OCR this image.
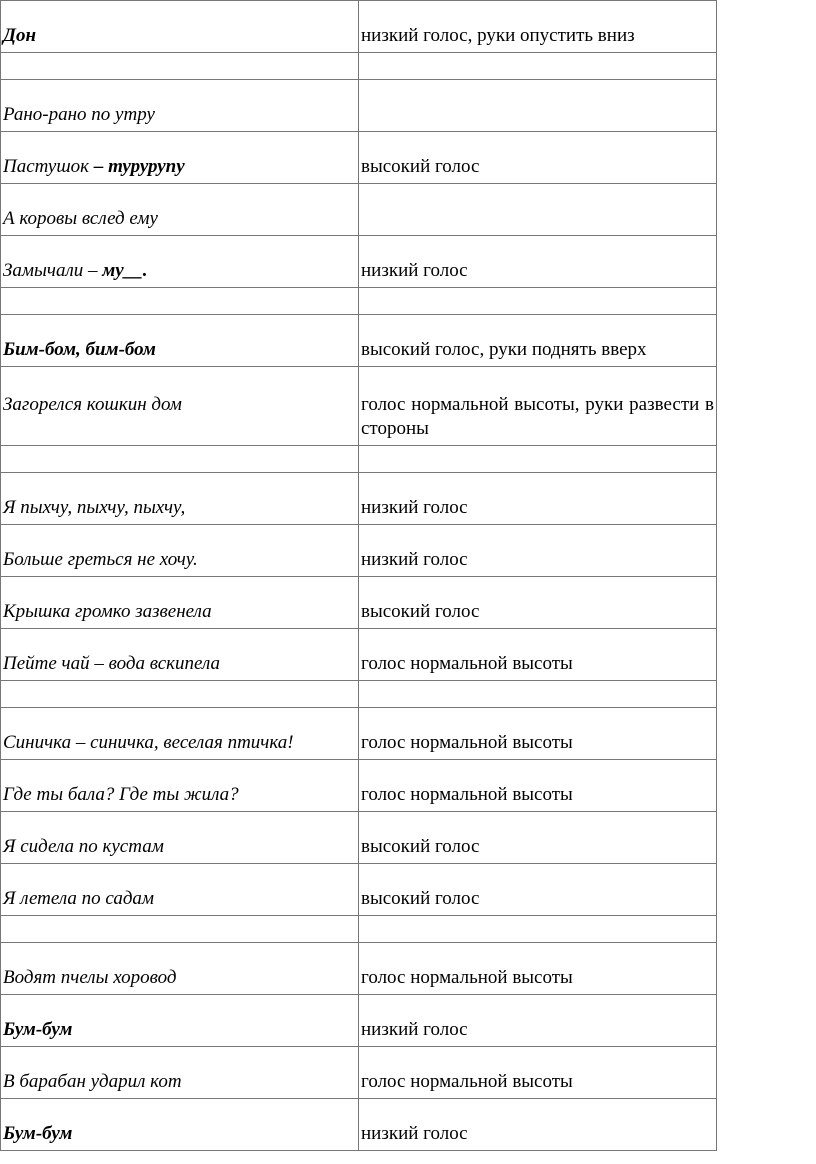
Дон	низкий голос, руки опустить вниз

Рано-рано по утру	
Пастушок – турурупу	высокий голос
А коровы вслед ему	
Замычали – му__.	низкий голос

Бим-бом, бим-бом	высокий голос, руки поднять вверх
Загорелся кошкин дом	голос нормальной высоты, руки развести в стороны

Я пыхчу, пыхчу, пыхчу,	низкий голос
Больше греться не хочу.	низкий голос
Крышка громко зазвенела	высокий голос
Пейте чай – вода вскипела	голос нормальной высоты

Синичка – синичка, веселая птичка!	голос нормальной высоты
Где ты бала? Где ты жила?	голос нормальной высоты
Я сидела по кустам	высокий голос
Я летела по садам	высокий голос

Водят пчелы хоровод	голос нормальной высоты
Бум-бум	низкий голос
В барабан ударил кот	голос нормальной высоты
Бум-бум	низкий голос
